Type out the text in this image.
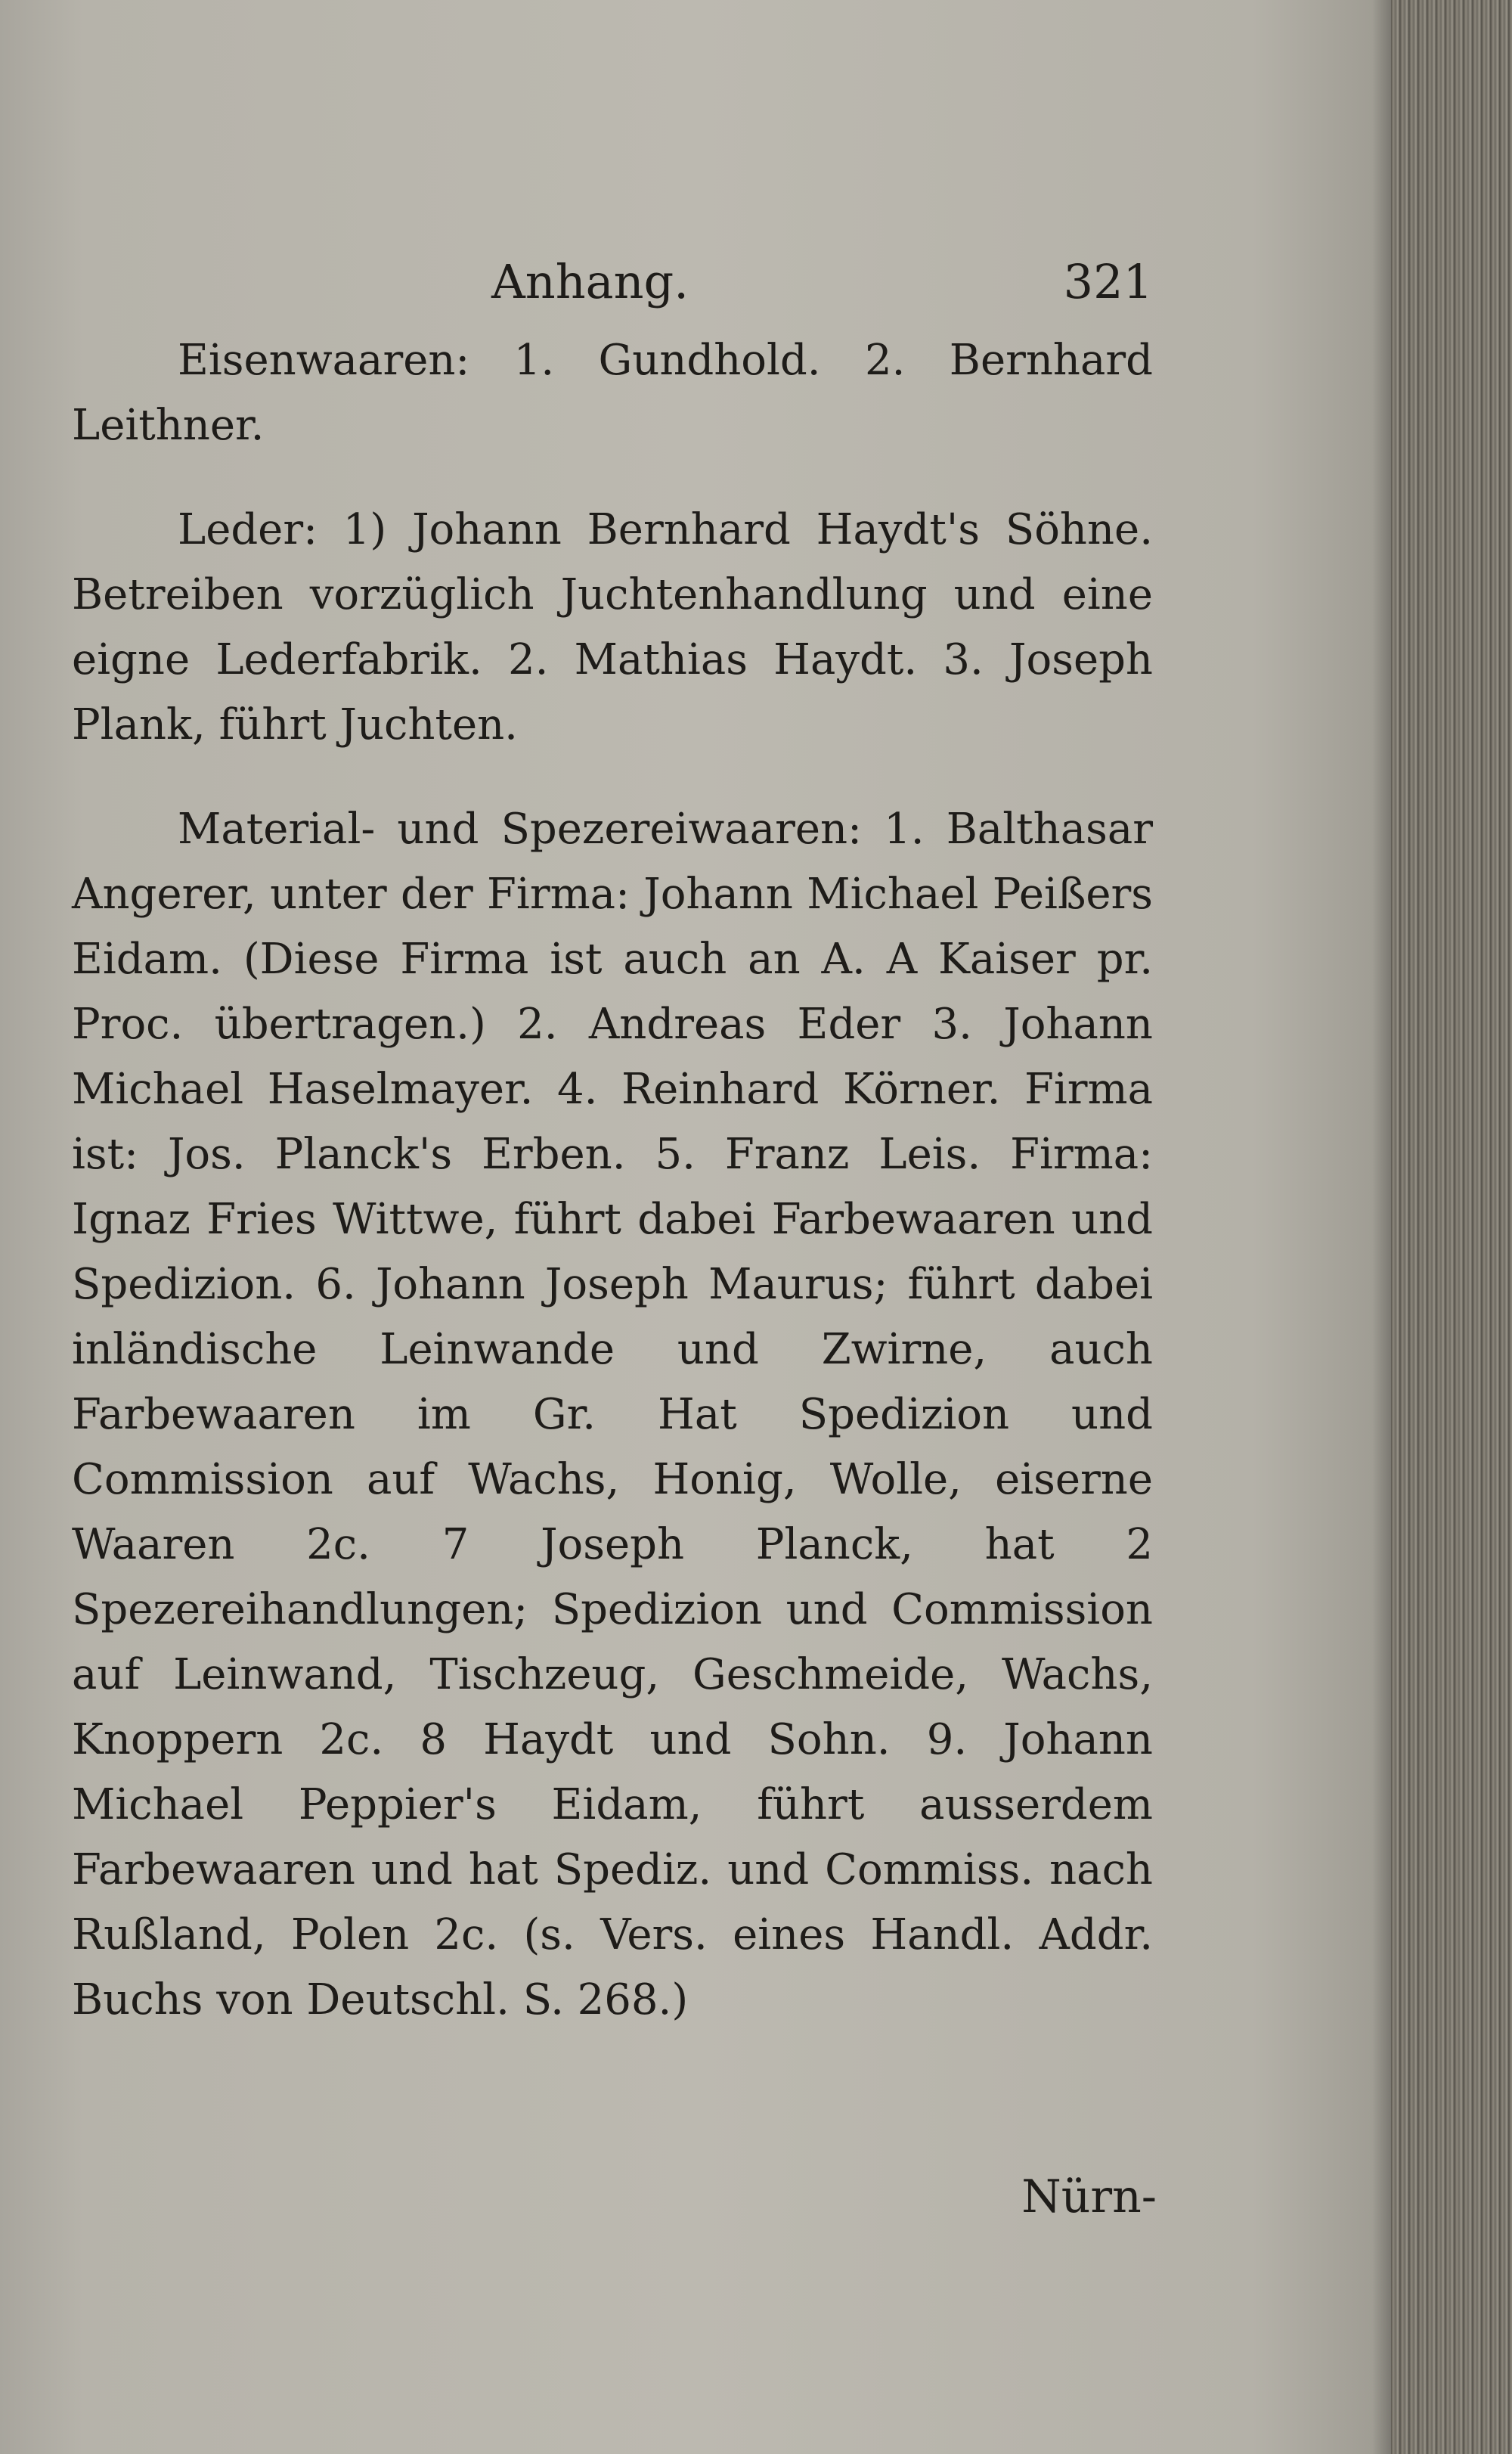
Anhang.	321

Eisenwaaren: 1. Gundhold. 2. Bernhard Leithner.

Leder: 1) Johann Bernhard Haydt's Söhne. Betreiben vorzüglich Juchtenhandlung und eine eigne Lederfabrik. 2. Mathias Haydt. 3. Joseph Plank, führt Juchten.

Material- und Spezereiwaaren: 1. Balthasar Angerer, unter der Firma: Johann Michael Peißers Eidam. (Diese Firma ist auch an A. A Kaiser pr. Proc. übertragen.) 2. Andreas Eder 3. Johann Michael Haselmayer. 4. Reinhard Körner. Firma ist: Jos. Planck's Erben. 5. Franz Leis. Firma: Ignaz Fries Wittwe, führt dabei Farbewaaren und Spedizion. 6. Johann Joseph Maurus; führt dabei inländische Leinwande und Zwirne, auch Farbewaaren im Gr. Hat Spedizion und Commission auf Wachs, Honig, Wolle, eiserne Waaren 2c. 7 Joseph Planck, hat 2 Spezereihandlungen; Spedizion und Commission auf Leinwand, Tischzeug, Geschmeide, Wachs, Knoppern 2c. 8 Haydt und Sohn. 9. Johann Michael Peppier's Eidam, führt ausserdem Farbewaaren und hat Spediz. und Commiss. nach Rußland, Polen 2c. (s. Vers. eines Handl. Addr. Buchs von Deutschl. S. 268.)

Nürn-
